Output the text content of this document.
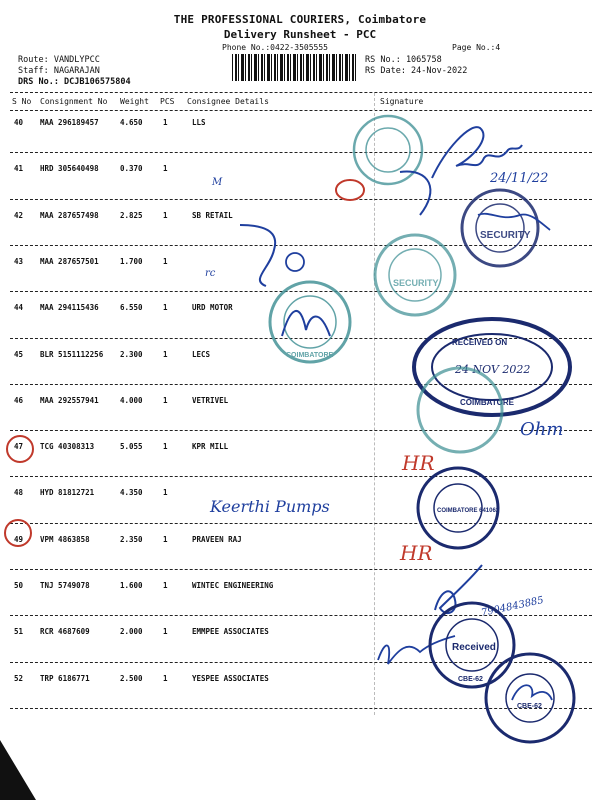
THE PROFESSIONAL COURIERS, Coimbatore
Delivery Runsheet - PCC
Phone No.:0422-3505555	Page No.:4
Route: VANDLYPCC
Staff: NAGARAJAN
DRS No.: DCJB106575804
RS No.: 1065758
RS Date: 24-Nov-2022
S No Consignment No Weight PCS Consignee Details	Signature
40 MAA 296189457	4.650	1	LLS
41 HRD 305640498	0.370	1
42 MAA 287657498	2.825	1	SB RETAIL
43 MAA 287657501	1.700	1
44 MAA 294115436	6.550	1	URD MOTOR
45 BLR 5151112256 2.300	1	LECS
46 MAA 292557941	4.000	1	VETRIVEL
47 TCG 40308313	5.055	1	KPR MILL
48 HYD 81812721	4.350	1
49 VPM 4863858	2.350	1	PRAVEEN RAJ
50 TNJ 5749078	1.600	1	WINTEC ENGINEERING
51 RCR 4687609	2.000	1	EMMPEE ASSOCIATES
52 TRP 6186771	2.500	1	YESPEE ASSOCIATES
24/11/22
M
SECURITY
rc
SECURITY
COIMBATORE
RECEIVED ON
24 NOV 2022
COIMBATORE
Ohm
HR
HR
Keerthi Pumps	COIMBATORE 641062
7904843885
Received
CBE-62
CBE-62
